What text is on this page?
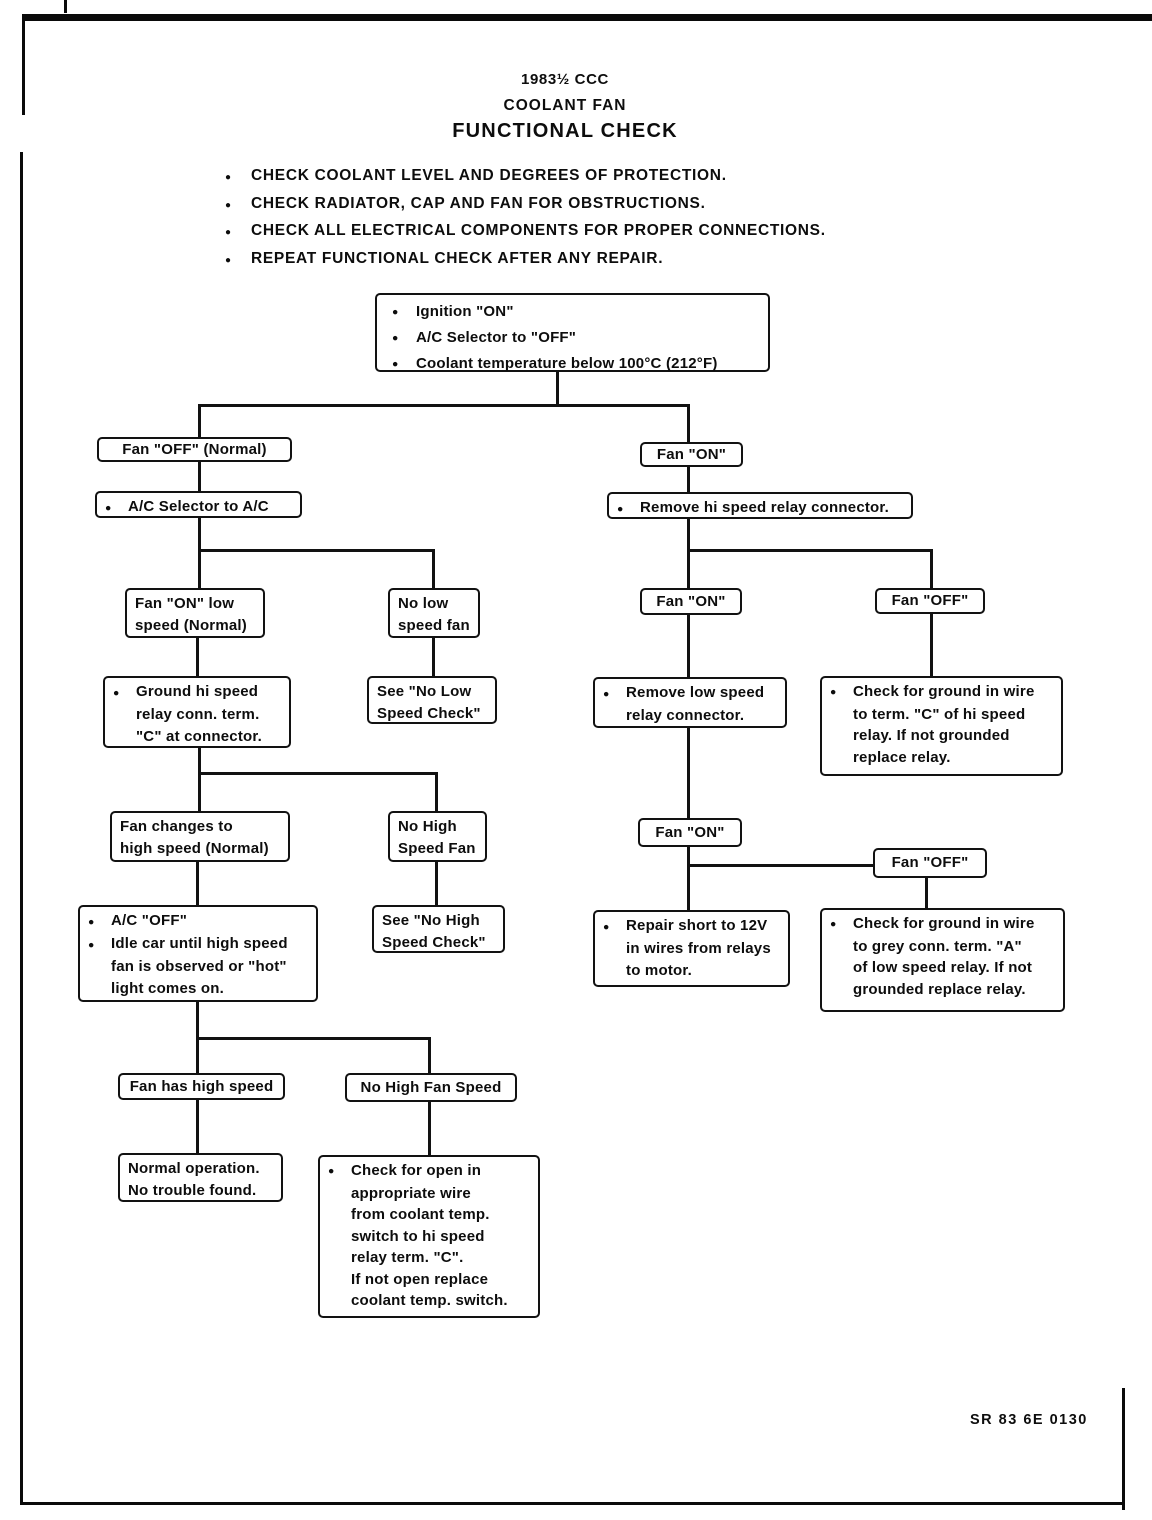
1983½ CCC
COOLANT FAN
FUNCTIONAL CHECK
●	CHECK COOLANT LEVEL AND DEGREES OF PROTECTION.
●	CHECK RADIATOR, CAP AND FAN FOR OBSTRUCTIONS.
●	CHECK ALL ELECTRICAL COMPONENTS FOR PROPER CONNECTIONS.
●	REPEAT FUNCTIONAL CHECK AFTER ANY REPAIR.
●	Ignition "ON"
●	A/C Selector to "OFF"
●	Coolant temperature below 100°C (212°F)
Fan "OFF" (Normal)
●	A/C Selector to A/C
Fan "ON"
●	Remove hi speed relay connector.
Fan "ON" low
speed (Normal)
No low
speed fan
●	Ground hi speed
relay conn. term.
"C" at connector.
See "No Low
Speed Check"
Fan "ON"	Fan "OFF"
●	Remove low speed
relay connector.
●	Check for ground in wire
to term. "C" of hi speed
relay. If not grounded
replace relay.
Fan changes to
high speed (Normal)
No High
Speed Fan
●	A/C "OFF"
●	Idle car until high speed
fan is observed or "hot"
light comes on.
See "No High
Speed Check"
Fan "ON"
Fan "OFF"
●	Repair short to 12V
in wires from relays
to motor.
●	Check for ground in wire
to grey conn. term. "A"
of low speed relay. If not
grounded replace relay.
Fan has high speed	No High Fan Speed
Normal operation.
No trouble found.
●	Check for open in
appropriate wire
from coolant temp.
switch to hi speed
relay term. "C".
If not open replace
coolant temp. switch.
SR 83 6E 0130
